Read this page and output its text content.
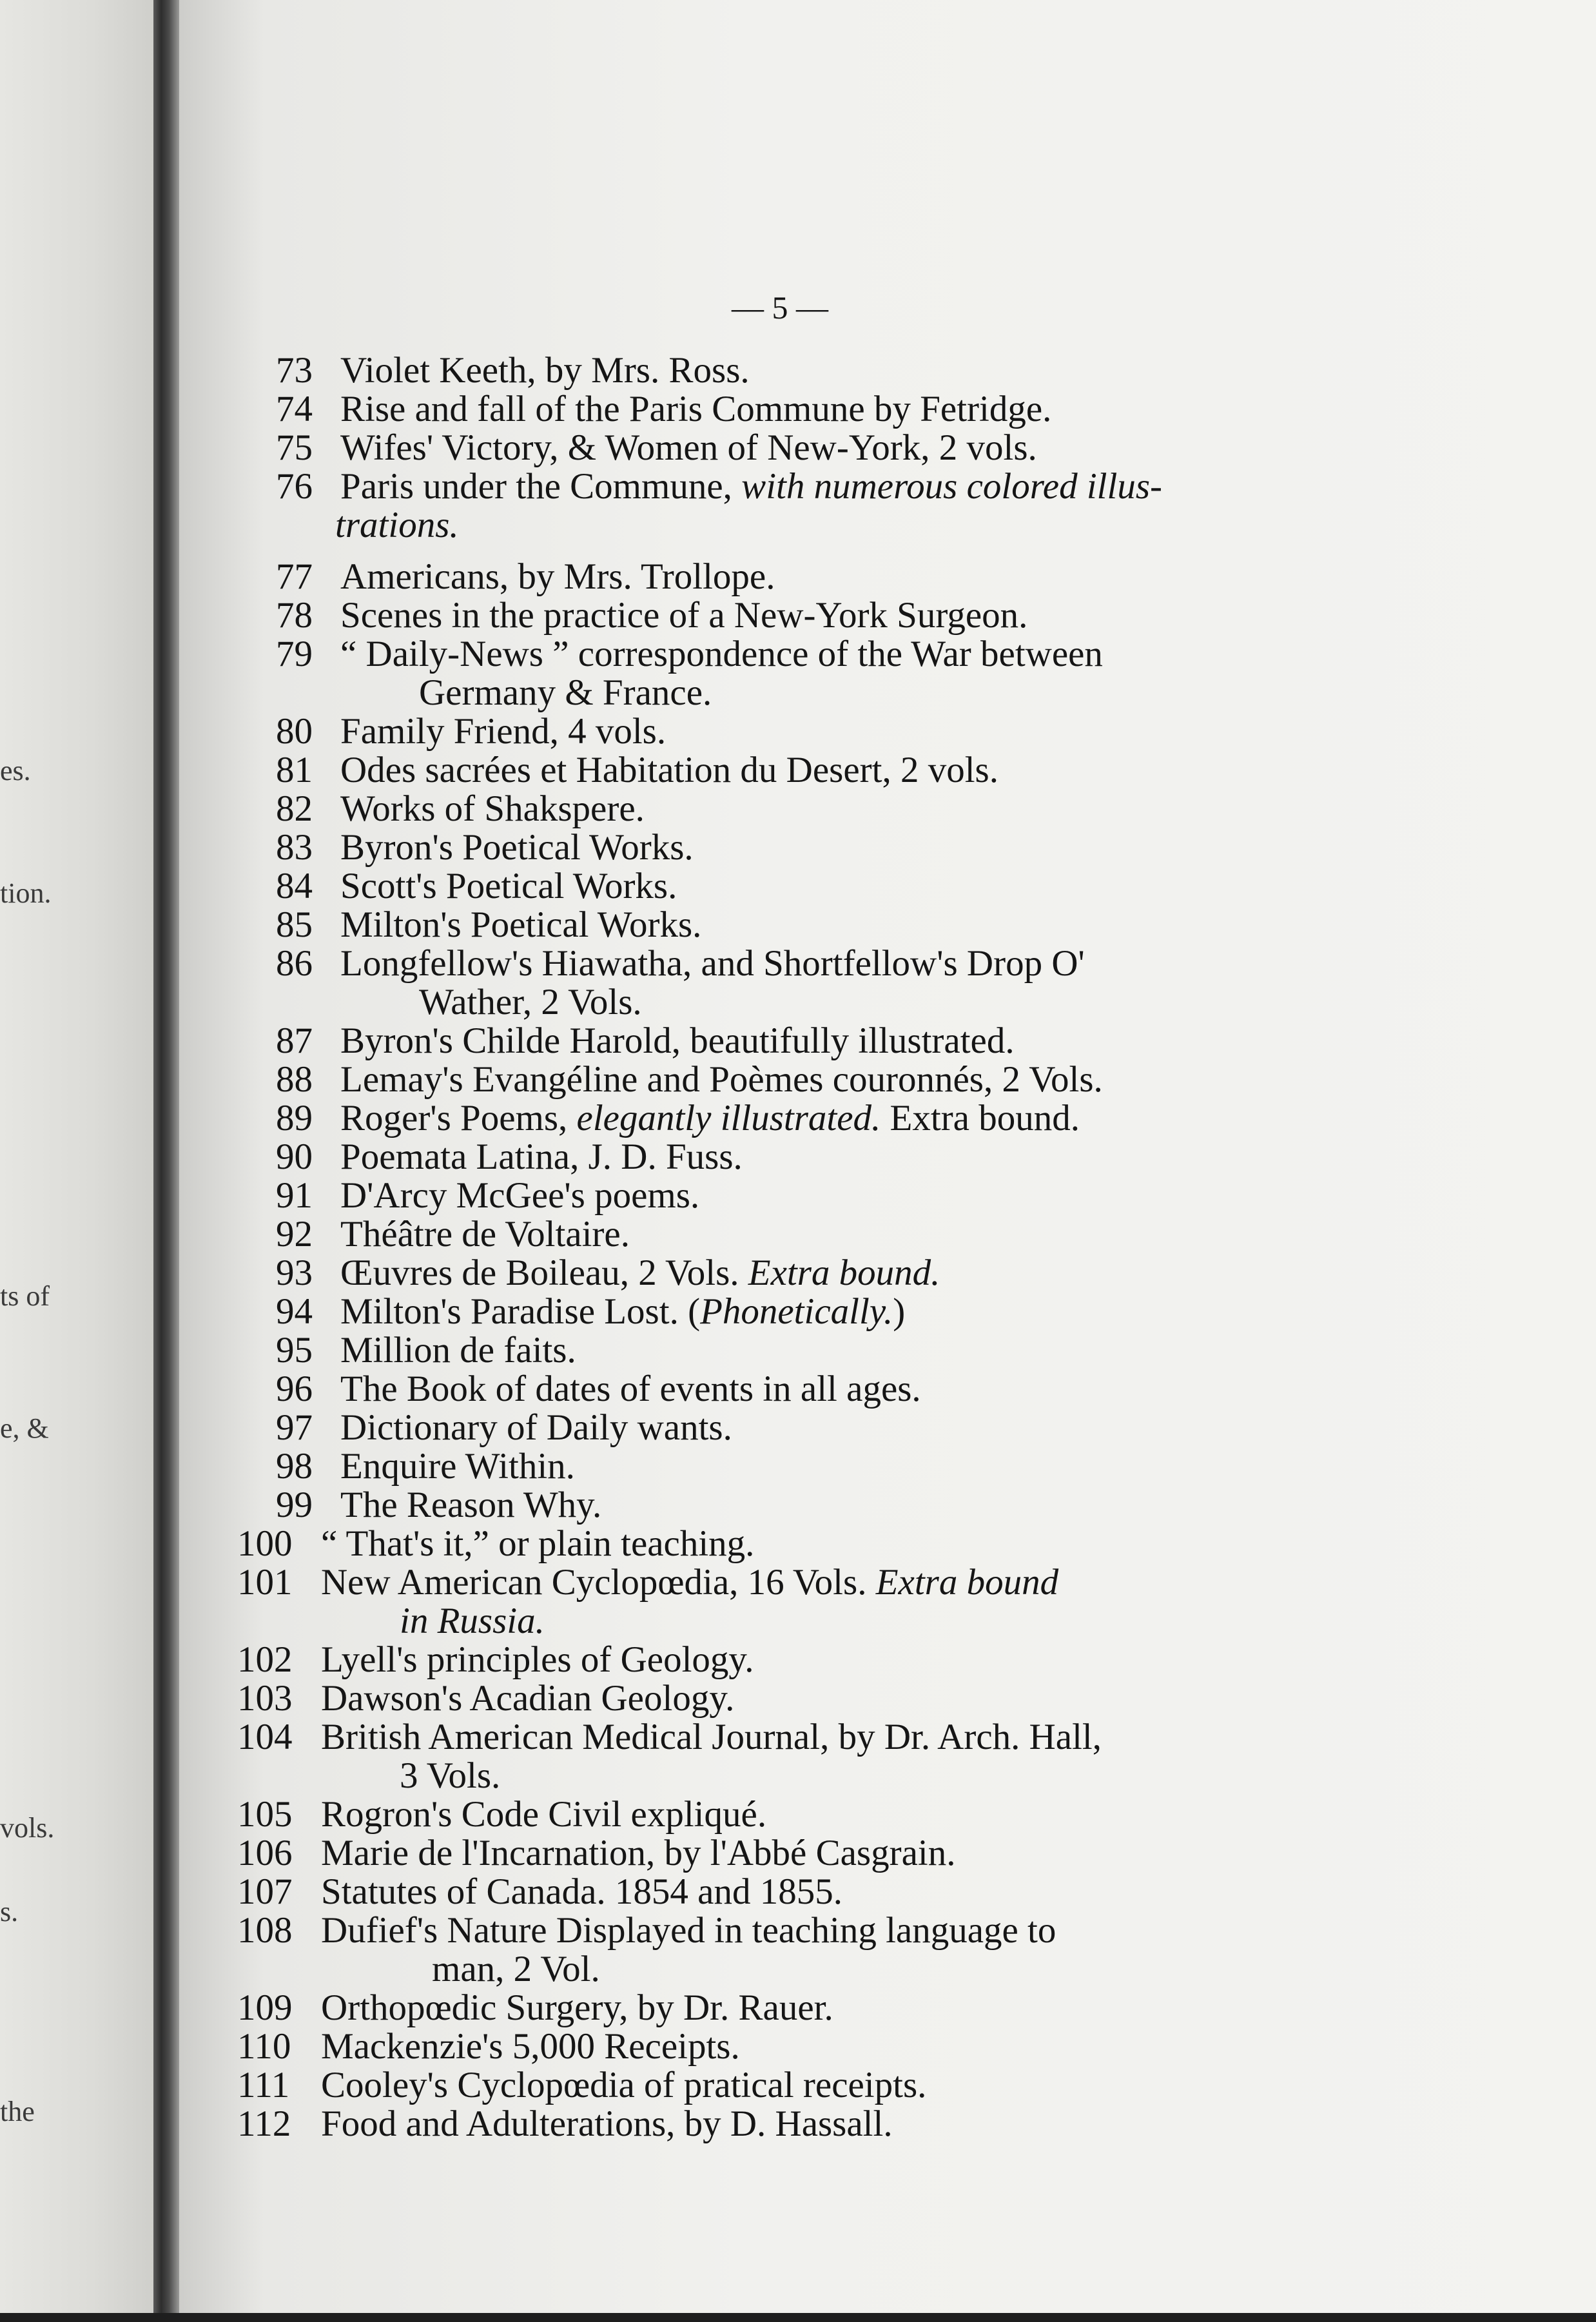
es.
tion.
ts of
e, &
vols.
s.
the
— 5 —
73 Violet Keeth, by Mrs. Ross.
74 Rise and fall of the Paris Commune by Fetridge.
75 Wifes' Victory, & Women of New-York, 2 vols.
76 Paris under the Commune, with numerous colored illus-
trations.
77 Americans, by Mrs. Trollope.
78 Scenes in the practice of a New-York Surgeon.
79 “ Daily-News ” correspondence of the War between
Germany & France.
80 Family Friend, 4 vols.
81 Odes sacrées et Habitation du Desert, 2 vols.
82 Works of Shakspere.
83 Byron's Poetical Works.
84 Scott's Poetical Works.
85 Milton's Poetical Works.
86 Longfellow's Hiawatha, and Shortfellow's Drop O'
Wather, 2 Vols.
87 Byron's Childe Harold, beautifully illustrated.
88 Lemay's Evangéline and Poèmes couronnés, 2 Vols.
89 Roger's Poems, elegantly illustrated. Extra bound.
90 Poemata Latina, J. D. Fuss.
91 D'Arcy McGee's poems.
92 Théâtre de Voltaire.
93 Œuvres de Boileau, 2 Vols. Extra bound.
94 Milton's Paradise Lost. (Phonetically.)
95 Million de faits.
96 The Book of dates of events in all ages.
97 Dictionary of Daily wants.
98 Enquire Within.
99 The Reason Why.
100 “ That's it,” or plain teaching.
101 New American Cyclopœdia, 16 Vols. Extra bound
in Russia.
102 Lyell's principles of Geology.
103 Dawson's Acadian Geology.
104 British American Medical Journal, by Dr. Arch. Hall,
3 Vols.
105 Rogron's Code Civil expliqué.
106 Marie de l'Incarnation, by l'Abbé Casgrain.
107 Statutes of Canada. 1854 and 1855.
108 Dufief's Nature Displayed in teaching language to
man, 2 Vol.
109 Orthopœdic Surgery, by Dr. Rauer.
110 Mackenzie's 5,000 Receipts.
111 Cooley's Cyclopœdia of pratical receipts.
112 Food and Adulterations, by D. Hassall.
